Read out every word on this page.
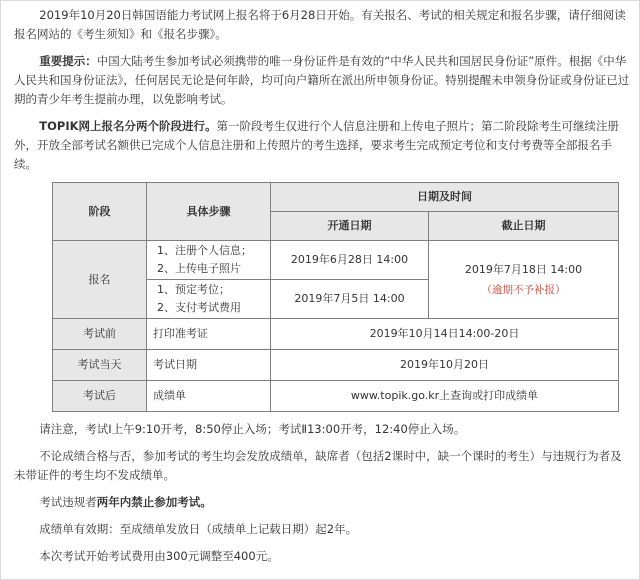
2019年10月20日韩国语能力考试网上报名将于6月28日开始。有关报名、考试的相关规定和报名步骤，请仔细阅读报名网站的《考生须知》和《报名步骤》。

重要提示：中国大陆考生参加考试必须携带的唯一身份证件是有效的“中华人民共和国居民身份证”原件。根据《中华人民共和国身份证法》，任何居民无论是何年龄，均可向户籍所在派出所申领身份证。特别提醒未申领身份证或身份证已过期的青少年考生提前办理，以免影响考试。

TOPIK网上报名分两个阶段进行。第一阶段考生仅进行个人信息注册和上传电子照片；第二阶段除考生可继续注册外，开放全部考试名额供已完成个人信息注册和上传照片的考生选择，要求考生完成预定考位和支付考费等全部报名手续。

阶段	具体步骤	日期及时间	
		开通日期	截止日期
报名	1、注册个人信息；
2、上传电子照片	2019年6月28日 14:00	2019年7月18日 14:00
（逾期不予补报）

	1、预定考位；
2、支付考试费用	2019年7月5日 14:00	
考试前	打印准考证	2019年10月14日14:00-20日	
考试当天	考试日期	2019年10月20日	
考试后	成绩单	www.topik.go.kr上查询或打印成绩单	

请注意，考试Ⅰ上午9:10开考，8:50停止入场；考试Ⅱ13:00开考，12:40停止入场。

不论成绩合格与否，参加考试的考生均会发放成绩单，缺席者（包括2课时中，缺一个课时的考生）与违规行为者及未带证件的考生均不发成绩单。

考试违规者两年内禁止参加考试。

成绩单有效期：至成绩单发放日（成绩单上记载日期）起2年。

本次考试开始考试费用由300元调整至400元。
